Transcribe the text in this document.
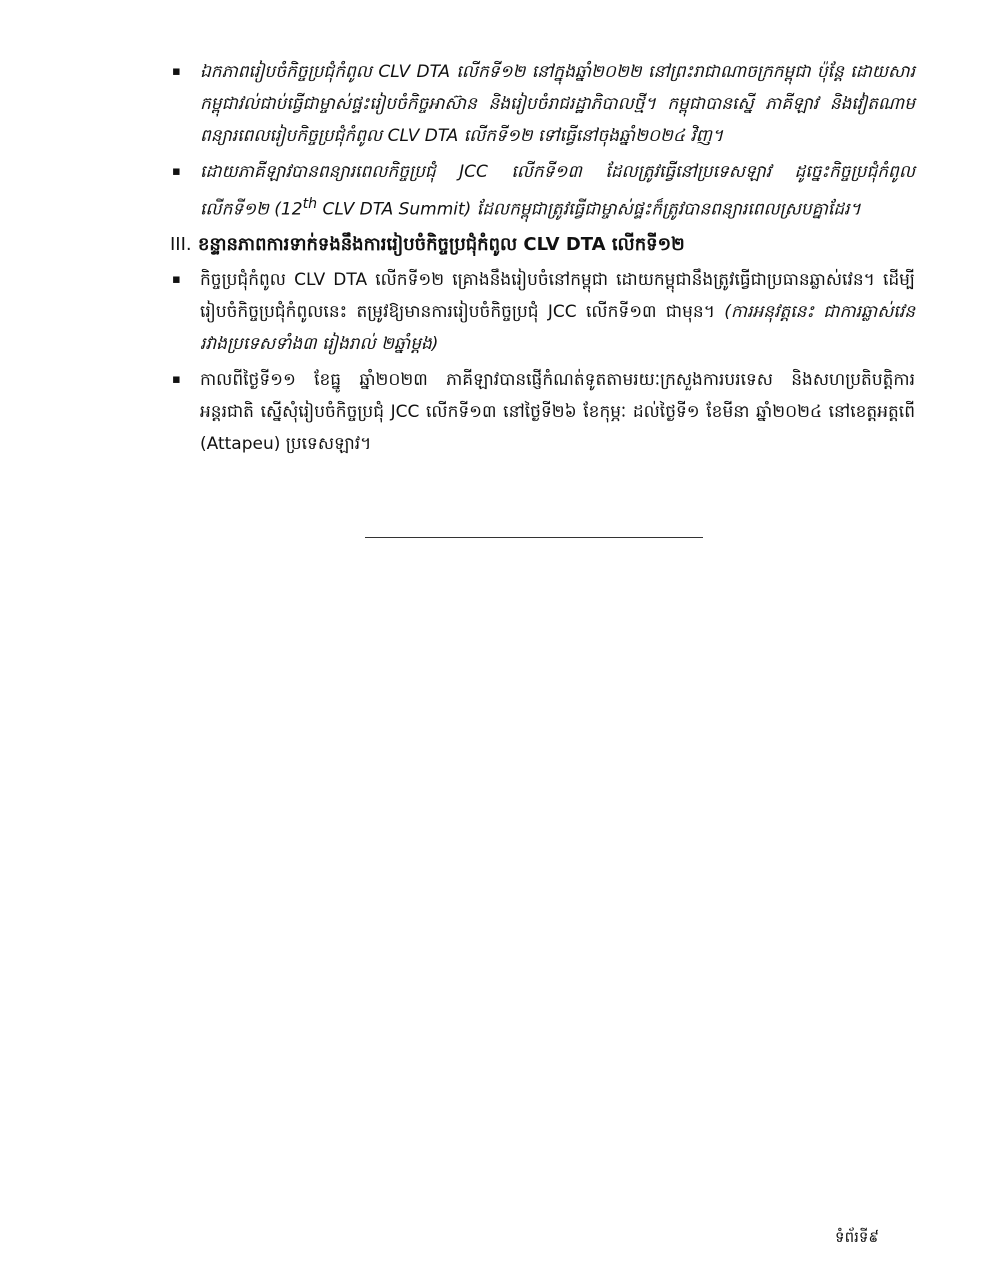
▪ ឯកភាពរៀបចំកិច្ចប្រជុំកំពូល CLV DTA លើកទី១២ នៅក្នុងឆ្នាំ២០២២ នៅព្រះរាជាណាចក្រកម្ពុជា ប៉ុន្តែ ដោយសារកម្ពុជាវល់ជាប់ធ្វើជាម្ចាស់ផ្ទះរៀបចំកិច្ចអាស៊ាន និងរៀបចំរាជរដ្ឋាភិបាលថ្មី។ កម្ពុជាបានស្នើ ភាគីឡាវ និងវៀតណាមពន្យារពេលរៀបកិច្ចប្រជុំកំពូល CLV DTA លើកទី១២ ទៅធ្វើនៅចុងឆ្នាំ២០២៤ វិញ។
▪ ដោយភាគីឡាវបានពន្យារពេលកិច្ចប្រជុំ JCC លើកទី១៣ ដែលត្រូវធ្វើនៅប្រទេសឡាវ ដូច្នេះកិច្ចប្រជុំកំពូល លើកទី១២ (12th CLV DTA Summit) ដែលកម្ពុជាត្រូវធ្វើជាម្ចាស់ផ្ទះក៏ត្រូវបានពន្យារពេលស្របគ្នាដែរ។
III. ខន្ទានភាពការទាក់ទងនឹងការរៀបចំកិច្ចប្រជុំកំពូល CLV DTA លើកទី១២
▪ កិច្ចប្រជុំកំពូល CLV DTA លើកទី១២ គ្រោងនឹងរៀបចំនៅកម្ពុជា ដោយកម្ពុជានឹងត្រូវធ្វើជាប្រធានឆ្លាស់វេន។ ដើម្បីរៀបចំកិច្ចប្រជុំកំពូលនេះ តម្រូវឱ្យមានការរៀបចំកិច្ចប្រជុំ JCC លើកទី១៣ ជាមុន។ (ការអនុវត្តនេះ ជាការឆ្លាស់វេនរវាងប្រទេសទាំង៣ រៀងរាល់ ២ឆ្នាំម្តង)
▪ កាលពីថ្ងៃទី១១ ខែធ្នូ ឆ្នាំ២០២៣ ភាគីឡាវបានផ្ញើកំណត់ទូតតាមរយៈក្រសួងការបរទេស និងសហប្រតិបត្តិការអន្តរជាតិ ស្នើសុំរៀបចំកិច្ចប្រជុំ JCC លើកទី១៣ នៅថ្ងៃទី២៦ ខែកុម្ភៈ ដល់ថ្ងៃទី១ ខែមីនា ឆ្នាំ២០២៤ នៅខេត្តអត្តពើ (Attapeu) ប្រទេសឡាវ។
ទំព័រទី៩
